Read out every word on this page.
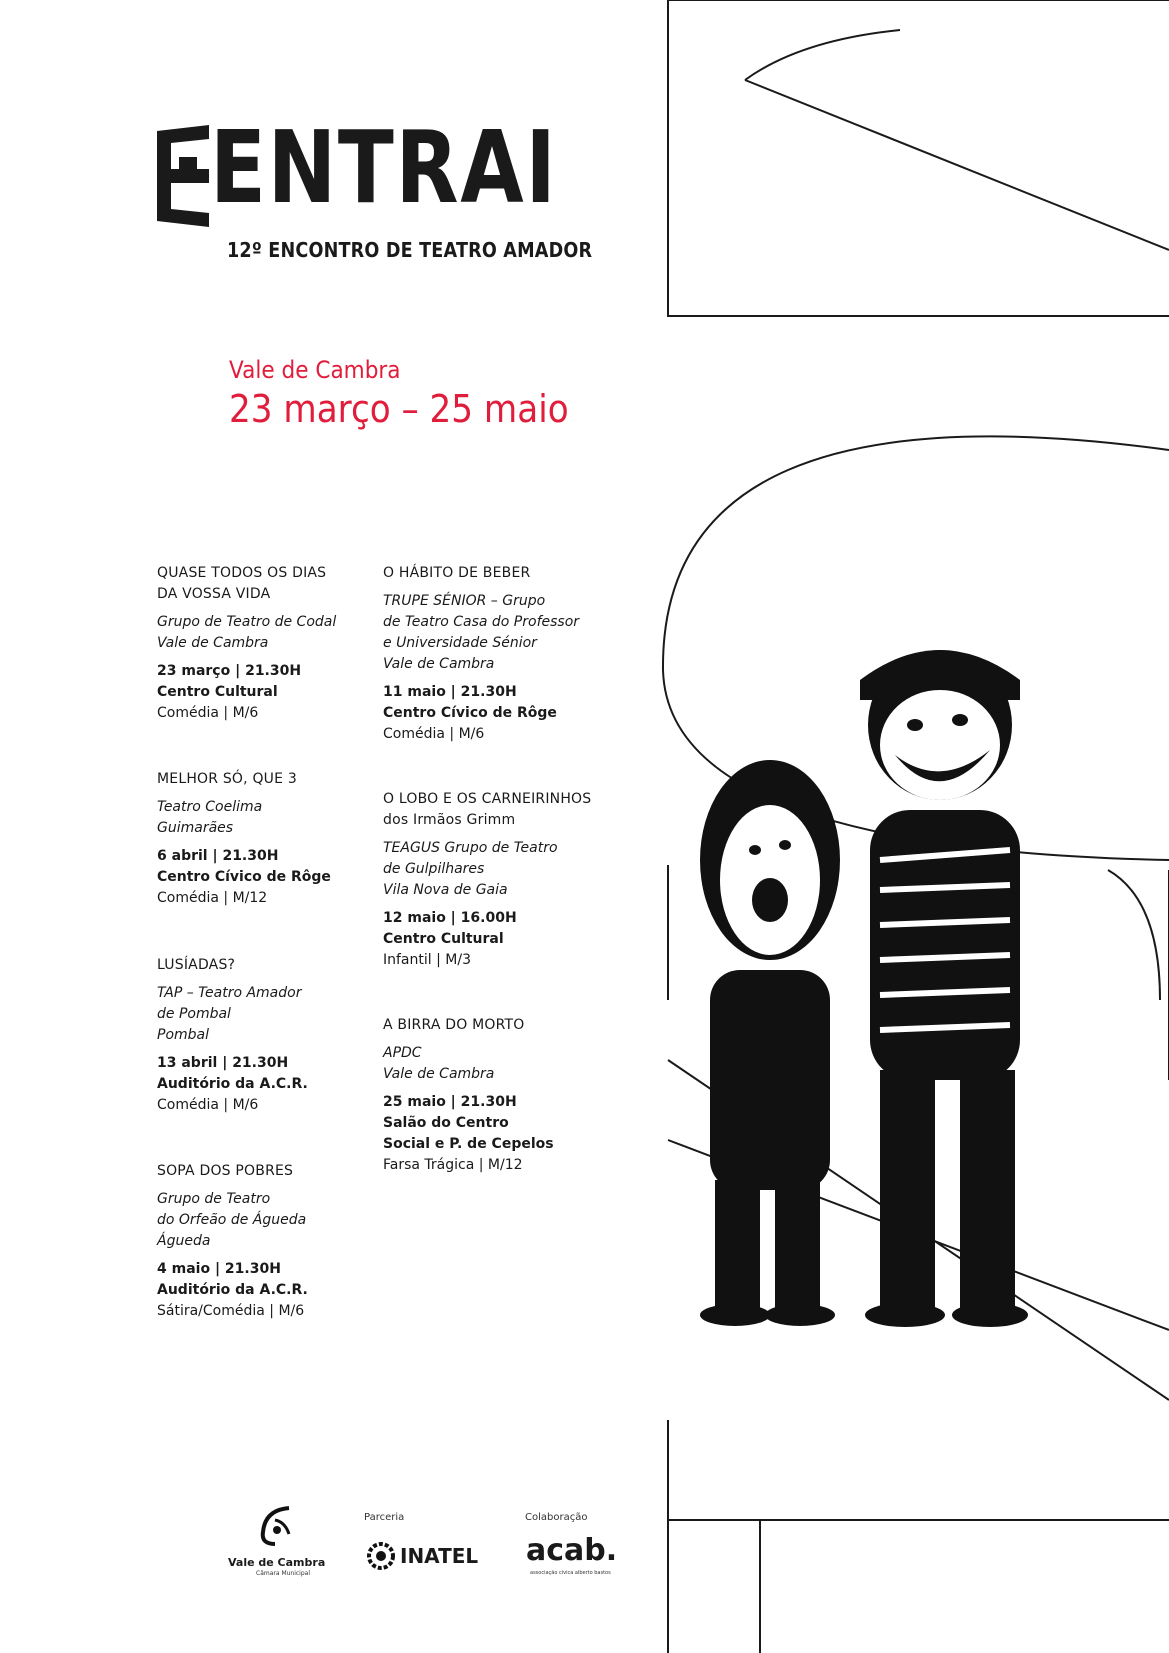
ENTRAI
12º ENCONTRO DE TEATRO AMADOR
Vale de Cambra
23 março – 25 maio
QUASE TODOS OS DIAS
DA VOSSA VIDA
Grupo de Teatro de Codal
Vale de Cambra
23 março | 21.30H
Centro Cultural
Comédia | M/6
MELHOR SÓ, QUE 3
Teatro Coelima
Guimarães
6 abril | 21.30H
Centro Cívico de Rôge
Comédia | M/12
LUSÍADAS?
TAP – Teatro Amador
de Pombal
Pombal
13 abril | 21.30H
Auditório da A.C.R.
Comédia | M/6
SOPA DOS POBRES
Grupo de Teatro
do Orfeão de Águeda
Águeda
4 maio | 21.30H
Auditório da A.C.R.
Sátira/Comédia | M/6
O HÁBITO DE BEBER
TRUPE SÉNIOR – Grupo
de Teatro Casa do Professor
e Universidade Sénior
Vale de Cambra
11 maio | 21.30H
Centro Cívico de Rôge
Comédia | M/6
O LOBO E OS CARNEIRINHOS
dos Irmãos Grimm
TEAGUS Grupo de Teatro
de Gulpilhares
Vila Nova de Gaia
12 maio | 16.00H
Centro Cultural
Infantil | M/3
A BIRRA DO MORTO
APDC
Vale de Cambra
25 maio | 21.30H
Salão do Centro
Social e P. de Cepelos
Farsa Trágica | M/12
Vale de Cambra
Câmara Municipal
Parceria
INATEL
Colaboração
acab.
associação cívica alberto bastos
